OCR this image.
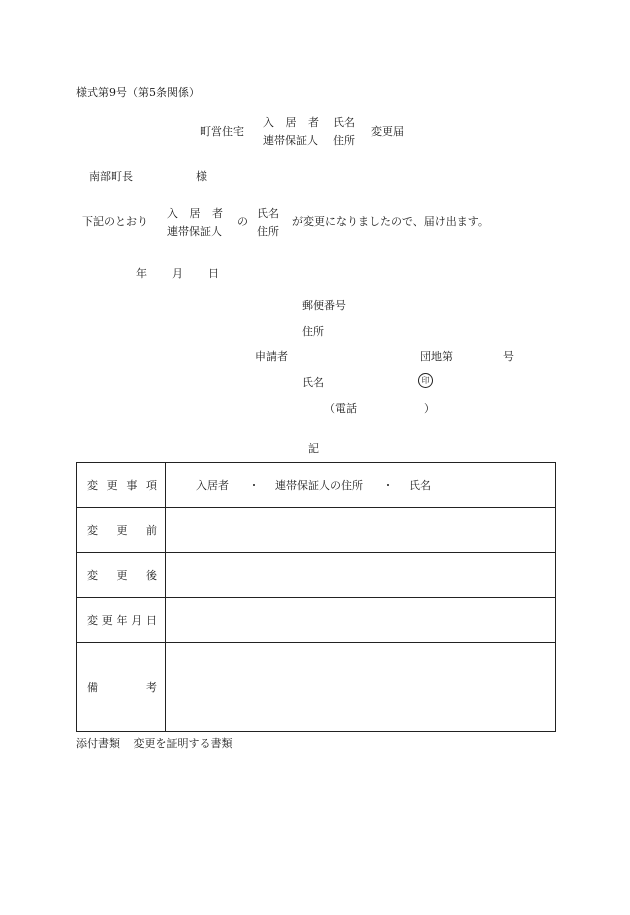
様式第9号（第5条関係）
町営住宅
入 居 者
連帯保証人
氏名
住所
変更届
南部町長	様
下記のとおり
入 居 者
連帯保証人
の
氏名
住所
が変更になりましたので、届け出ます。
年 月 日
郵便番号
住所
申請者	団地第	号
氏名	印
（電話	）
記
変 更 事 項	入居者 ・ 連帯保証人の住所 ・ 氏名

変 更 前	

変 更 後	

変 更 年 月 日	

備 考	

添付書類 変更を証明する書類
